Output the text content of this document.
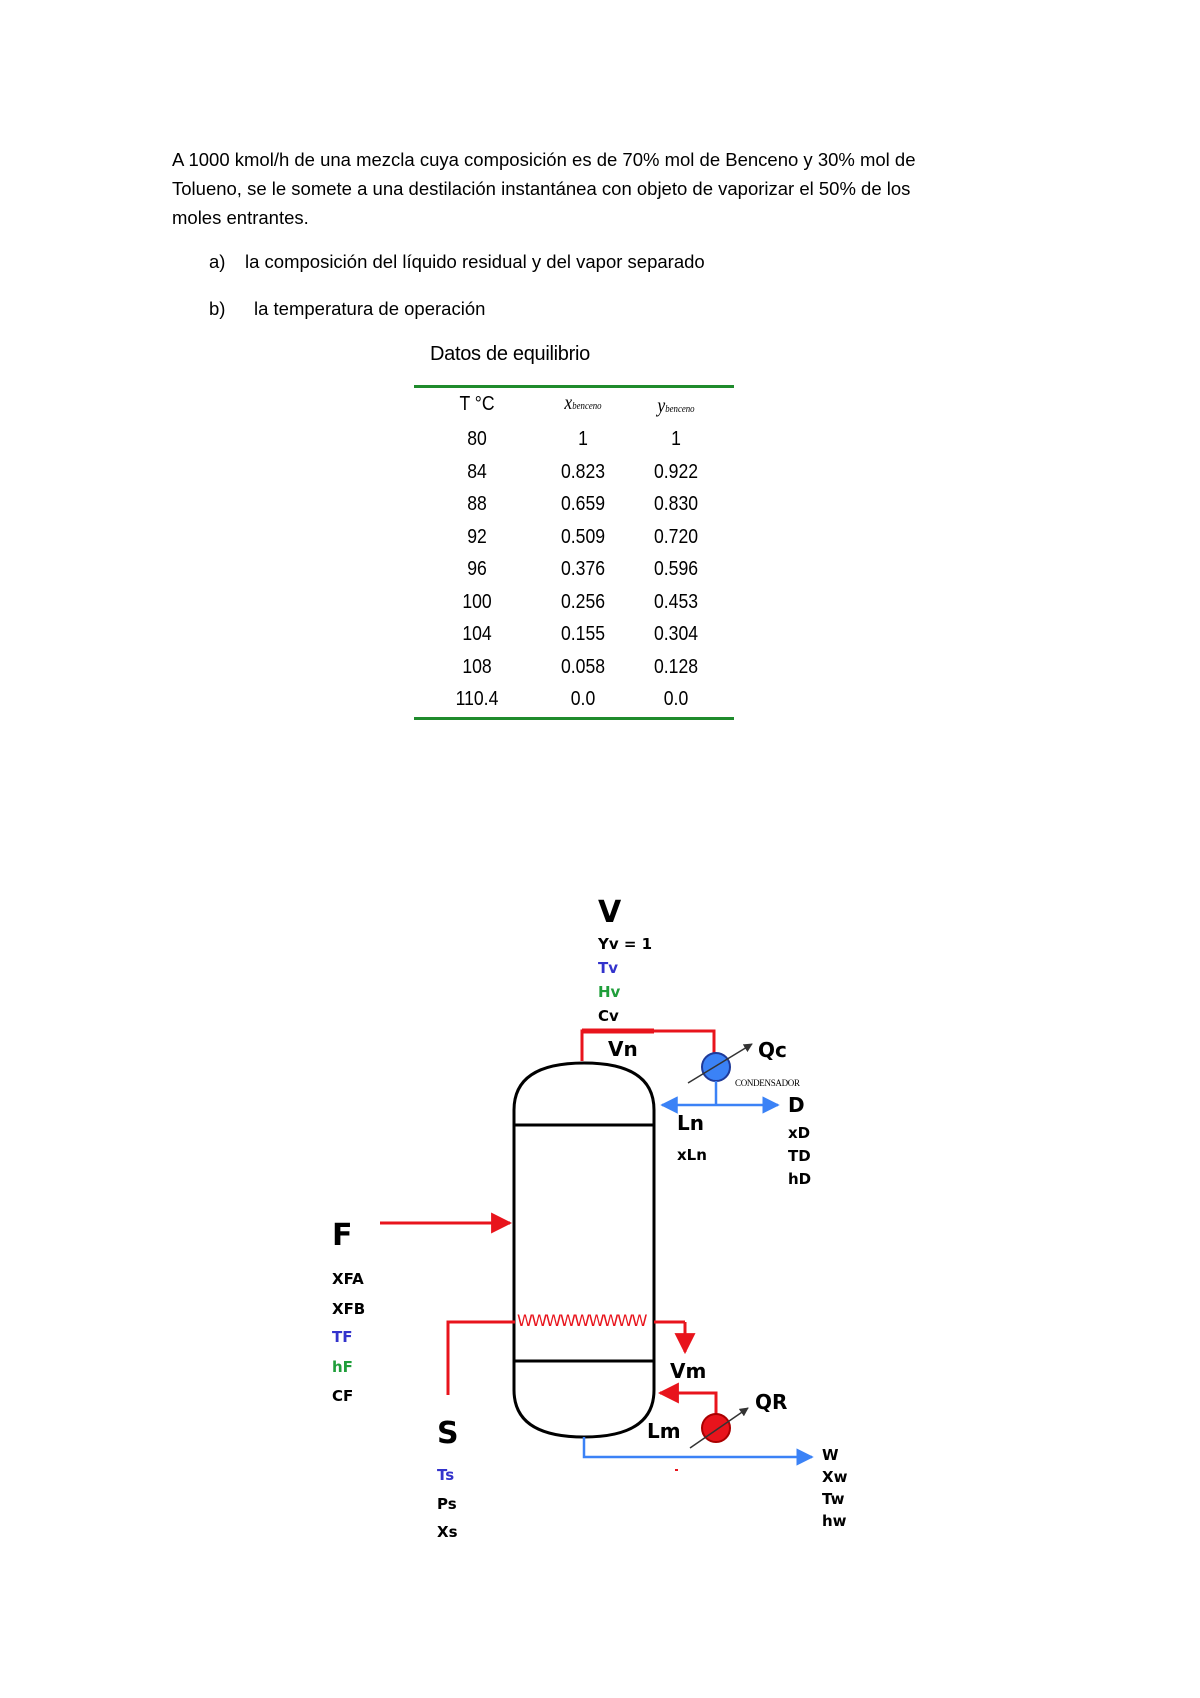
A 1000 kmol/h de una mezcla cuya composición es de 70% mol de Benceno y 30% mol de
Tolueno, se le somete a una destilación instantánea con objeto de vaporizar el 50% de los
moles entrantes.
a) la composición del líquido residual y del vapor separado
b) la temperatura de operación
Datos de equilibrio
T °C	xbenceno	ybenceno
80	1	1
84	0.823	0.922
88	0.659	0.830
92	0.509	0.720
96	0.376	0.596
100	0.256	0.453
104	0.155	0.304
108	0.058	0.128
110.4	0.0	0.0
WWWWWWWWW
V
Yv = 1
Tv
Hv
Cv
Vn	Qc
CONDENSADOR
Ln
xLn
D
xD
TD
hD
F
XFA
XFB
TF
hF
CF
Vm
QR
Lm
S
Ts
Ps
Xs
W
Xw
Tw
hw
